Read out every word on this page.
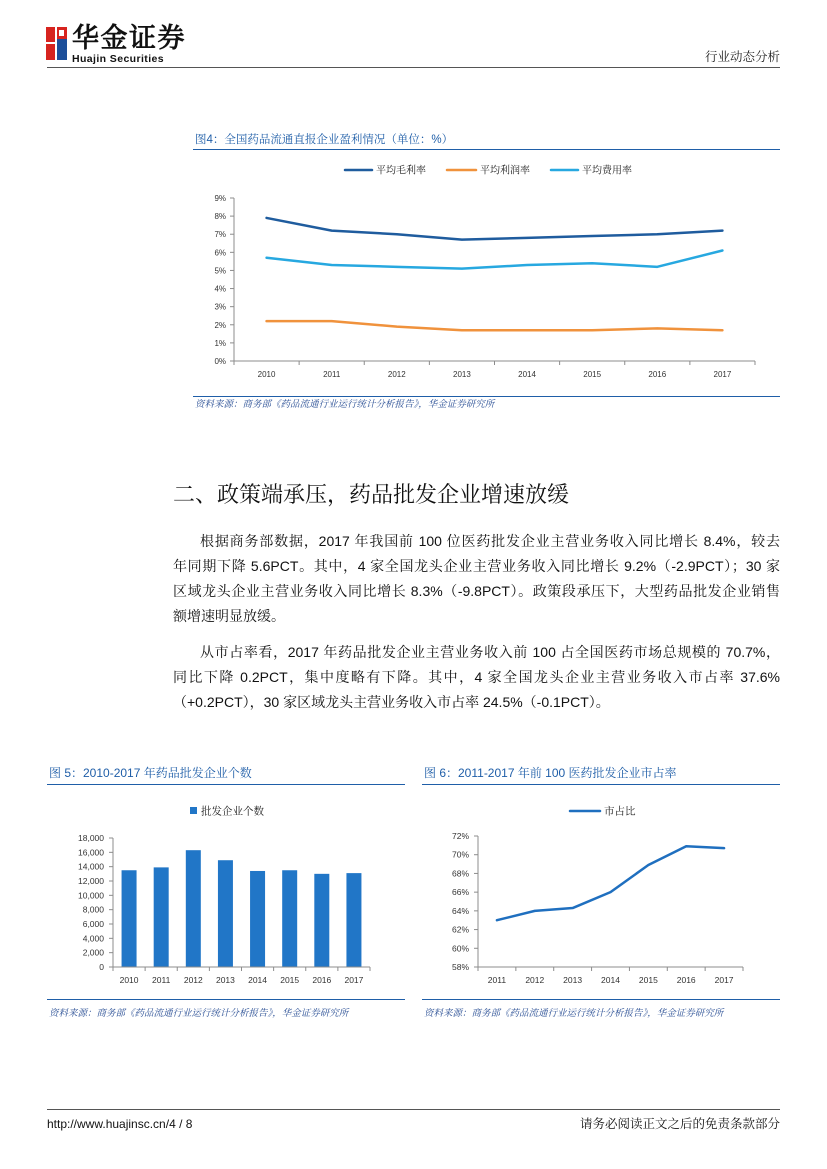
华金证券
Huajin Securities	行业动态分析
图4：全国药品流通直报企业盈利情况（单位：%）
0%
1%
2%
3%
4%
5%
6%
7%
8%
9%
2010	2011	2012	2013	2014	2015	2016	2017
平均毛利率	平均利润率	平均费用率
资料来源：商务部《药品流通行业运行统计分析报告》，华金证券研究所
二、政策端承压，药品批发企业增速放缓
根据商务部数据，2017 年我国前 100 位医药批发企业主营业务收入同比增长 8.4%，较去
年同期下降 5.6PCT。其中，4 家全国龙头企业主营业务收入同比增长 9.2%（-2.9PCT）；30 家
区域龙头企业主营业务收入同比增长 8.3%（-9.8PCT）。政策段承压下，大型药品批发企业销售
额增速明显放缓。
从市占率看，2017 年药品批发企业主营业务收入前 100 占全国医药市场总规模的 70.7%，
同比下降 0.2PCT，集中度略有下降。其中，4 家全国龙头企业主营业务收入市占率 37.6%
（+0.2PCT），30 家区域龙头主营业务收入市占率 24.5%（-0.1PCT）。
图 5：2010-2017 年药品批发企业个数
0
2,000
4,000
6,000
8,000
10,000
12,000
14,000
16,000
18,000
2010 2011 2012 2013 2014 2015 2016 2017
批发企业个数
资料来源：商务部《药品流通行业运行统计分析报告》，华金证券研究所
图 6：2011-2017 年前 100 医药批发企业市占率
58%
60%
62%
64%
66%
68%
70%
72%
2011 2012 2013 2014 2015 2016 2017
市占比
资料来源：商务部《药品流通行业运行统计分析报告》，华金证券研究所
http://www.huajinsc.cn/4 / 8	请务必阅读正文之后的免责条款部分
